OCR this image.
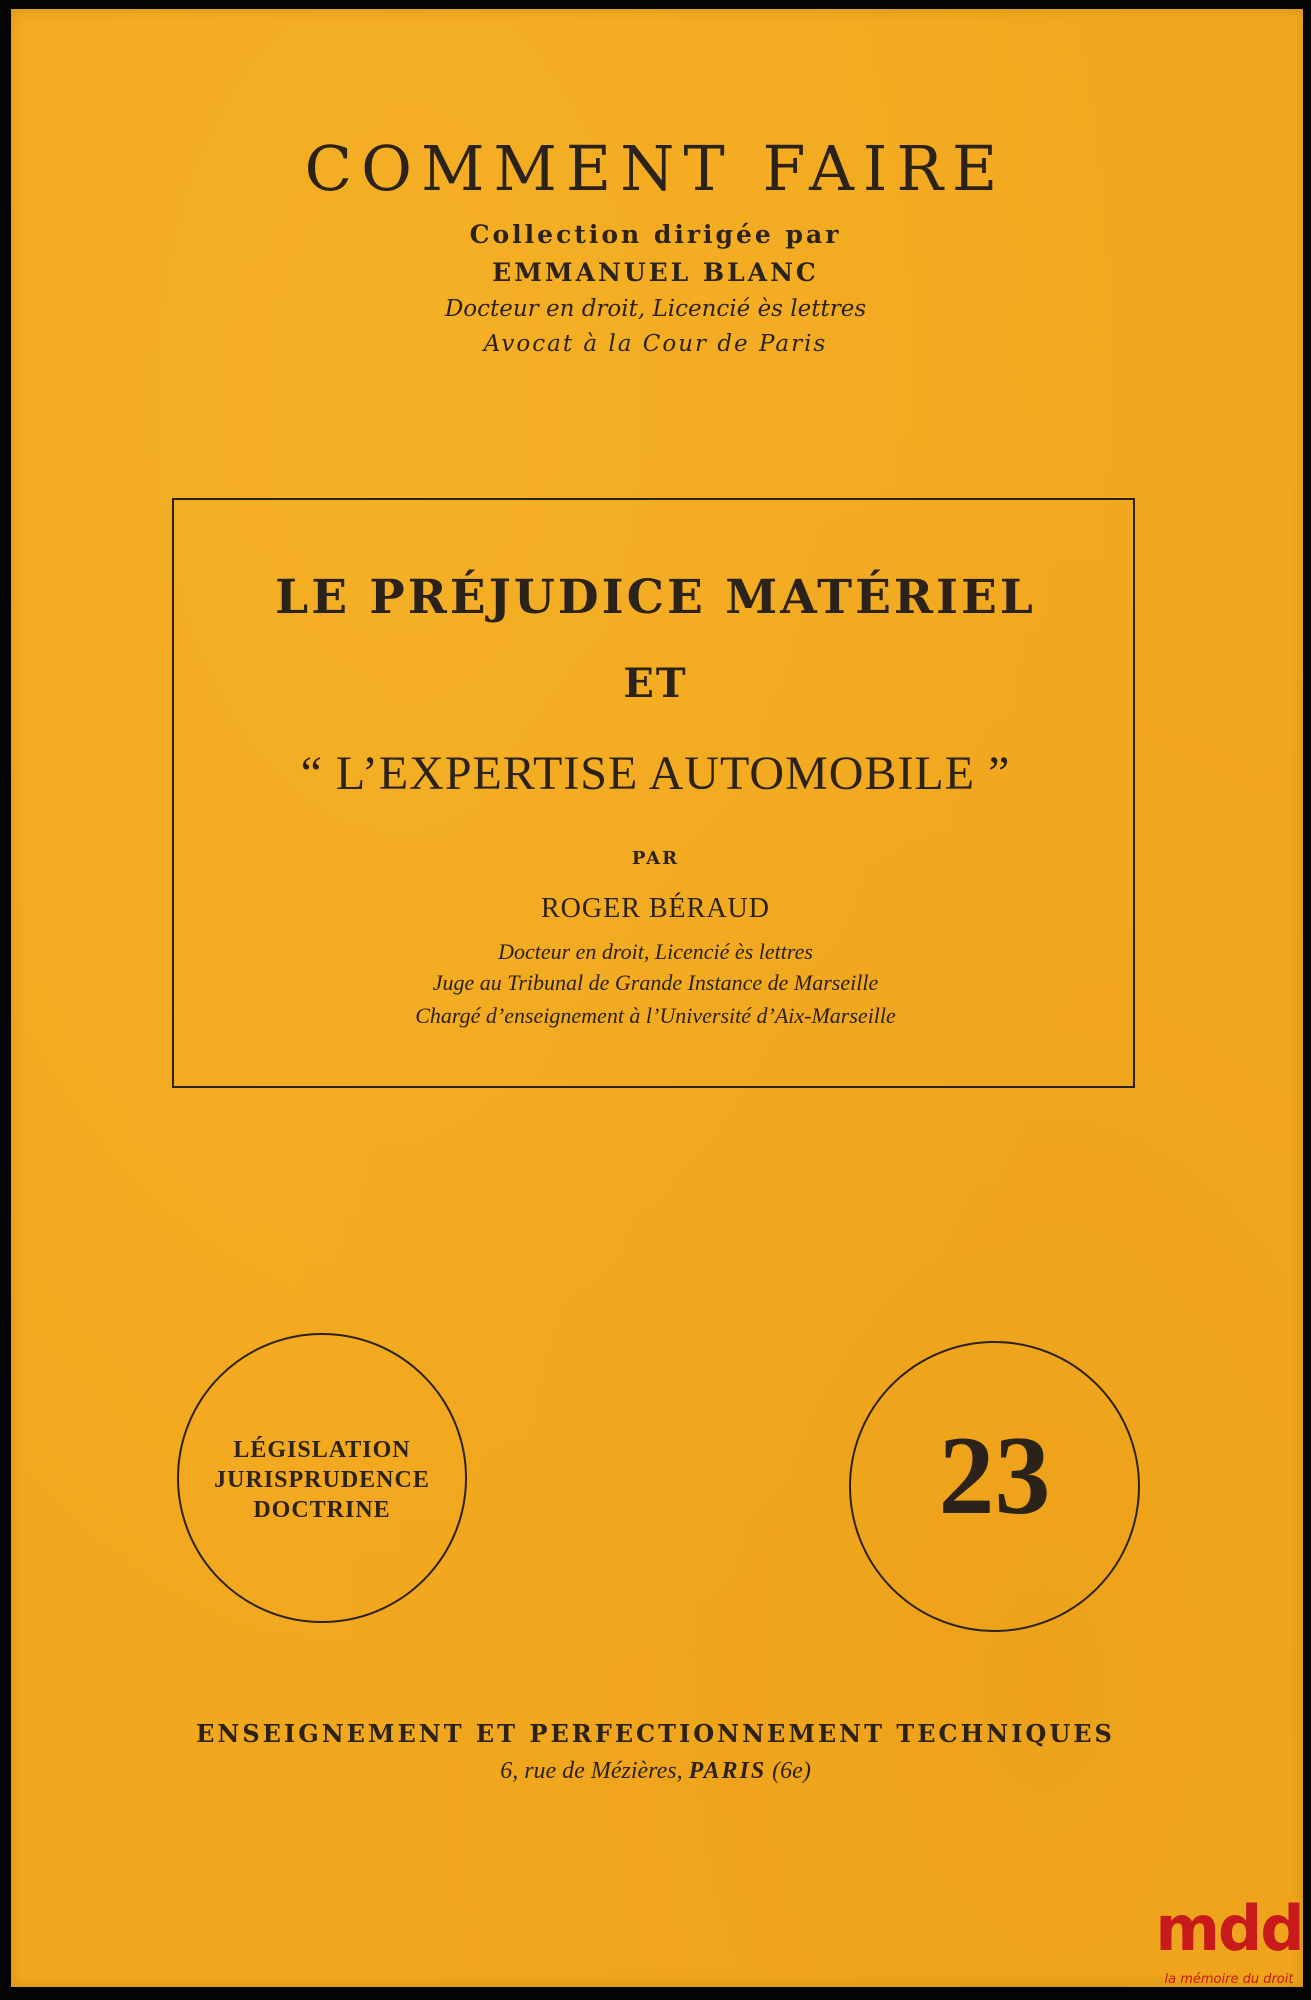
COMMENT FAIRE
Collection dirigée par
EMMANUEL BLANC
Docteur en droit, Licencié ès lettres
Avocat à la Cour de Paris
LE PRÉJUDICE MATÉRIEL
ET
“ L’EXPERTISE AUTOMOBILE ”
PAR
ROGER BÉRAUD
Docteur en droit, Licencié ès lettres
Juge au Tribunal de Grande Instance de Marseille
Chargé d’enseignement à l’Université d’Aix-Marseille
LÉGISLATION
JURISPRUDENCE
DOCTRINE	23
ENSEIGNEMENT ET PERFECTIONNEMENT TECHNIQUES
6, rue de Mézières, PARIS (6e)
mdd
la mémoire du droit
